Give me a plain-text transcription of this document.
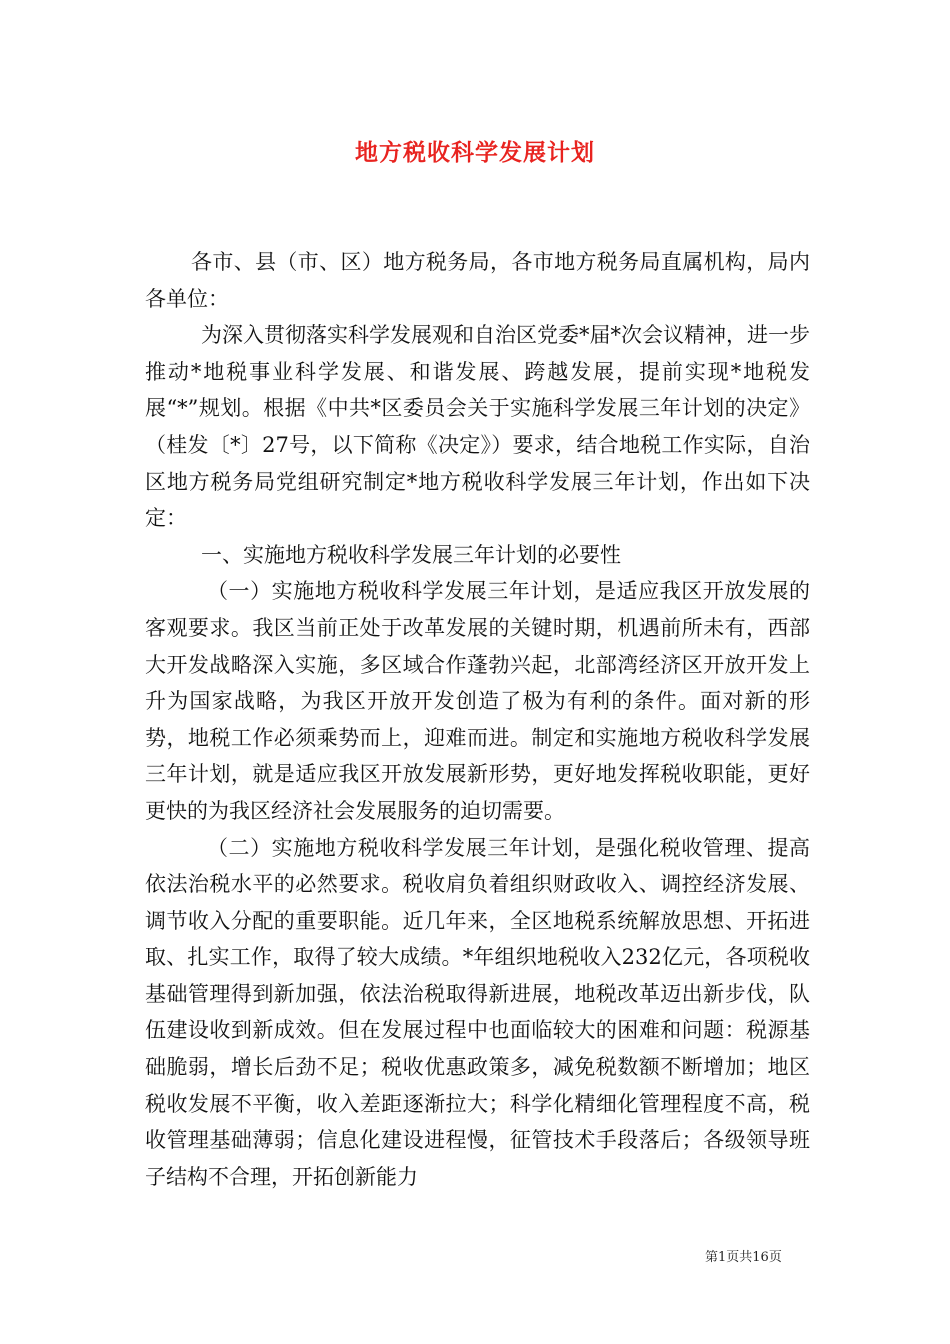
地方税收科学发展计划

各市、县（市、区）地方税务局，各市地方税务局直属机构，局内各单位：

为深入贯彻落实科学发展观和自治区党委*届*次会议精神，进一步推动*地税事业科学发展、和谐发展、跨越发展，提前实现*地税发展“*”规划。根据《中共*区委员会关于实施科学发展三年计划的决定》（桂发〔*〕27号，以下简称《决定》）要求，结合地税工作实际，自治区地方税务局党组研究制定*地方税收科学发展三年计划，作出如下决定：

一、实施地方税收科学发展三年计划的必要性

（一）实施地方税收科学发展三年计划，是适应我区开放发展的客观要求。我区当前正处于改革发展的关键时期，机遇前所未有，西部大开发战略深入实施，多区域合作蓬勃兴起，北部湾经济区开放开发上升为国家战略，为我区开放开发创造了极为有利的条件。面对新的形势，地税工作必须乘势而上，迎难而进。制定和实施地方税收科学发展三年计划，就是适应我区开放发展新形势，更好地发挥税收职能，更好更快的为我区经济社会发展服务的迫切需要。

（二）实施地方税收科学发展三年计划，是强化税收管理、提高依法治税水平的必然要求。税收肩负着组织财政收入、调控经济发展、调节收入分配的重要职能。近几年来，全区地税系统解放思想、开拓进取、扎实工作，取得了较大成绩。*年组织地税收入232亿元，各项税收基础管理得到新加强，依法治税取得新进展，地税改革迈出新步伐，队伍建设收到新成效。但在发展过程中也面临较大的困难和问题：税源基础脆弱，增长后劲不足；税收优惠政策多，减免税数额不断增加；地区税收发展不平衡，收入差距逐渐拉大；科学化精细化管理程度不高，税收管理基础薄弱；信息化建设进程慢，征管技术手段落后；各级领导班子结构不合理，开拓创新能力

第1页共16页
